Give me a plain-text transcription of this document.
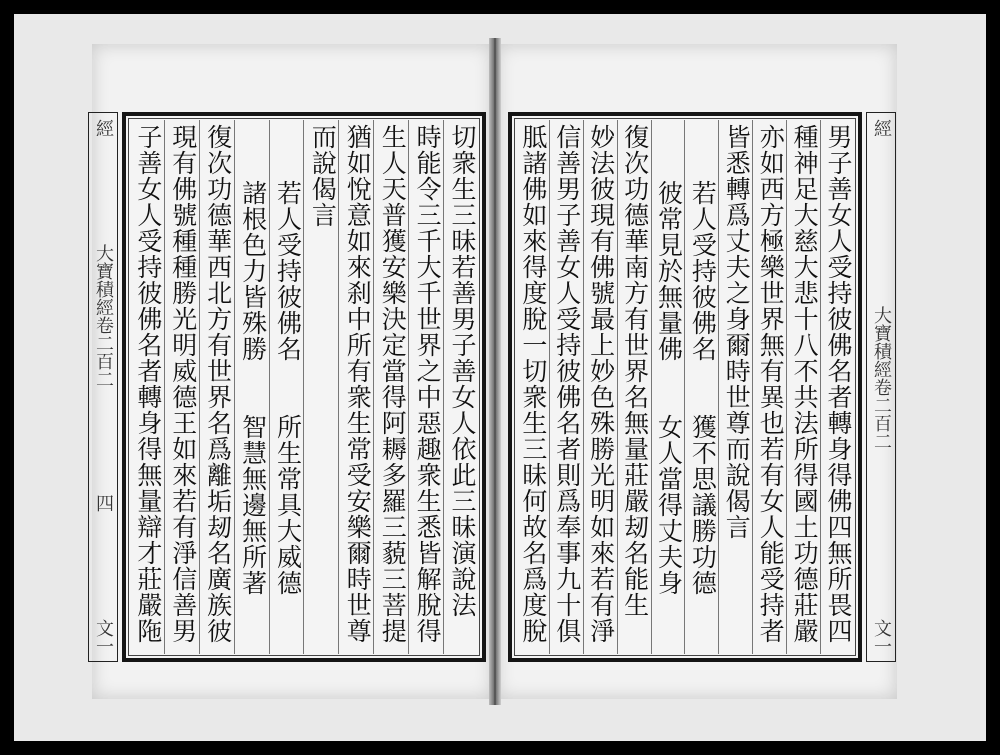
經
大寶積經卷二百二
四
文一
經
大寶積經卷二百二
文一
男子善女人受持彼佛名者轉身得佛四無所畏四
種神足大慈大悲十八不共法所得國土功德莊嚴
亦如西方極樂世界無有異也若有女人能受持者
皆悉轉爲丈夫之身爾時世尊而說偈言
若人受持彼佛名　　獲不思議勝功德
彼常見於無量佛　　女人當得丈夫身
復次功德華南方有世界名無量莊嚴刼名能生
妙法彼現有佛號最上妙色殊勝光明如來若有淨
信善男子善女人受持彼佛名者則爲奉事九十俱
胝諸佛如來得度脫一切衆生三昧何故名爲度脫
切衆生三昧若善男子善女人依此三昧演說法
時能令三千大千世界之中惡趣衆生悉皆解脫得
生人天普獲安樂決定當得阿耨多羅三藐三菩提
猶如悅意如來刹中所有衆生常受安樂爾時世尊
而說偈言
若人受持彼佛名　　所生常具大威德
諸根色力皆殊勝　　智慧無邊無所著
復次功德華西北方有世界名爲離垢刼名廣族彼
現有佛號種種勝光明威德王如來若有淨信善男
子善女人受持彼佛名者轉身得無量辯才莊嚴陁
